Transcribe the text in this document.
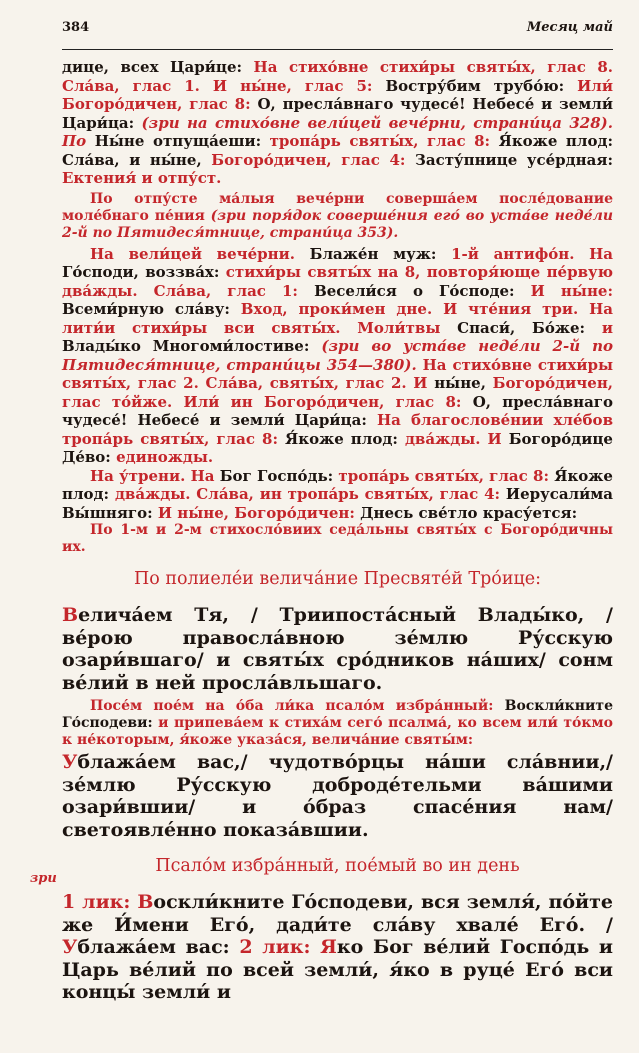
384	Месяц май

дице, всех Цари́це: На стихо́вне стихи́ры святы́х, глас 8. Сла́ва, глас 1. И ны́не, глас 5: Востру́бим трубо́ю: Или́ Богоро́дичен, глас 8: О, пресла́внаго чудесе́! Небесе́ и земли́ Цари́ца: (зри на стихо́вне вели́цей вече́рни, страни́ца 328). По Ны́не отпуща́еши: тропа́рь святы́х, глас 8: Я́коже плод: Сла́ва, и ны́не, Богоро́дичен, глас 4: Засту́пнице усе́рдная: Ектения́ и отпу́ст.

По отпу́сте ма́лыя вече́рни соверша́ем после́дование моле́бнаго пе́ния (зри поря́док соверше́ния его́ во уста́ве неде́ли 2-й по Пятидеся́тнице, страни́ца 353).

На вели́цей вече́рни. Блаже́н муж: 1-й антифо́н. На Го́споди, воззва́х: стихи́ры святы́х на 8, повторя́юще пе́рвую два́жды. Сла́ва, глас 1: Весели́ся о Го́споде: И ны́не: Всеми́рную сла́ву: Вход, проки́мен дне. И чте́ния три. На лити́и стихи́ры вси святы́х. Моли́твы Спаси́, Бо́же: и Влады́ко Многоми́лостиве: (зри во уста́ве неде́ли 2-й по Пятидеся́тнице, страни́цы 354—380). На стихо́вне стихи́ры святы́х, глас 2. Сла́ва, святы́х, глас 2. И ны́не, Богоро́дичен, глас то́йже. Или́ ин Богоро́дичен, глас 8: О, пресла́внаго чудесе́! Небесе́ и земли́ Цари́ца: На благослове́нии хле́бов тропа́рь святы́х, глас 8: Я́коже плод: два́жды. И Богоро́дице Де́во: единожды.

На у́трени. На Бог Госпо́дь: тропа́рь святы́х, глас 8: Я́коже плод: два́жды. Сла́ва, ин тропа́рь святы́х, глас 4: Иерусали́ма Вы́шняго: И ны́не, Богоро́дичен: Днесь све́тло красу́ется:

По 1-м и 2-м стихосло́виих седа́льны святы́х с Богоро́дичны их.

По полиеле́и велича́ние Пресвяте́й Тро́ице:

Велича́ем Тя, / Триипоста́сный Влады́ко, / ве́рою правосла́вною зе́млю Ру́сскую озари́вшаго/ и святы́х сро́дников на́ших/ сонм ве́лий в ней просла́вльшаго.

Посе́м пое́м на о́ба ли́ка псало́м избра́нный: Воскли́кните Го́сподеви: и припева́ем к стиха́м сего́ псалма́, ко всем или́ то́кмо к не́которым, я́коже указа́ся, велича́ние святы́м:

Ублажа́ем вас,/ чудотво́рцы на́ши сла́внии,/ зе́млю Ру́сскую доброде́тельми ва́шими озари́вшии/ и о́браз спасе́ния нам/ светоявле́нно показа́вшии.

Псало́м избра́нный, пое́мый во ин день
зри

1 лик: Воскли́кните Го́сподеви, вся земля́, по́йте же И́мени Его́, дади́те сла́ву хвале́ Его́. / Ублажа́ем вас: 2 лик: Яко Бог ве́лий Госпо́дь и Царь ве́лий по всей земли́, я́ко в руце́ Его́ вси концы́ земли́ и
